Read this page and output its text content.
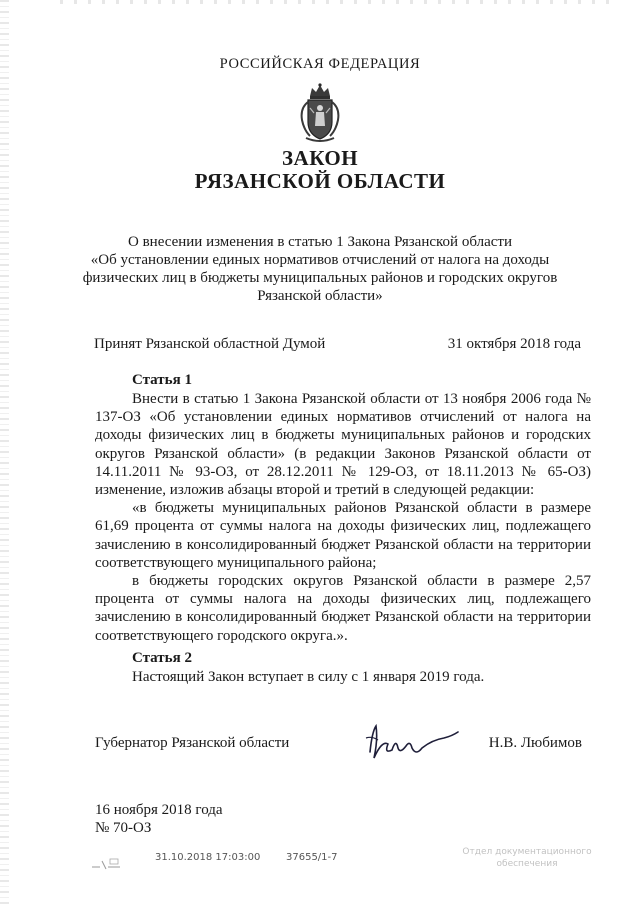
РОССИЙСКАЯ ФЕДЕРАЦИЯ
ЗАКОН
РЯЗАНСКОЙ ОБЛАСТИ
О внесении изменения в статью 1 Закона Рязанской области
«Об установлении единых нормативов отчислений от налога на доходы
физических лиц в бюджеты муниципальных районов и городских округов
Рязанской области»
Принят Рязанской областной Думой	31 октября 2018 года
Статья 1

Внести в статью 1 Закона Рязанской области от 13 ноября 2006 года № 137-ОЗ «Об установлении единых нормативов отчислений от налога на доходы физических лиц в бюджеты муниципальных районов и городских округов Рязанской области» (в редакции Законов Рязанской области от 14.11.2011 № 93-ОЗ, от 28.12.2011 № 129-ОЗ, от 18.11.2013 № 65-ОЗ) изменение, изложив абзацы второй и третий в следующей редакции:

«в бюджеты муниципальных районов Рязанской области в размере 61,69 процента от суммы налога на доходы физических лиц, подлежащего зачислению в консолидированный бюджет Рязанской области на территории соответствующего муниципального района;

в бюджеты городских округов Рязанской области в размере 2,57 процента от суммы налога на доходы физических лиц, подлежащего зачислению в консолидированный бюджет Рязанской области на территории соответствующего городского округа.».

Статья 2

Настоящий Закон вступает в силу с 1 января 2019 года.

Губернатор Рязанской области	Н.В. Любимов
16 ноября 2018 года
№ 70-ОЗ
31.10.2018 17:03:00	37655/1-7	Отдел документационного
обеспечения
